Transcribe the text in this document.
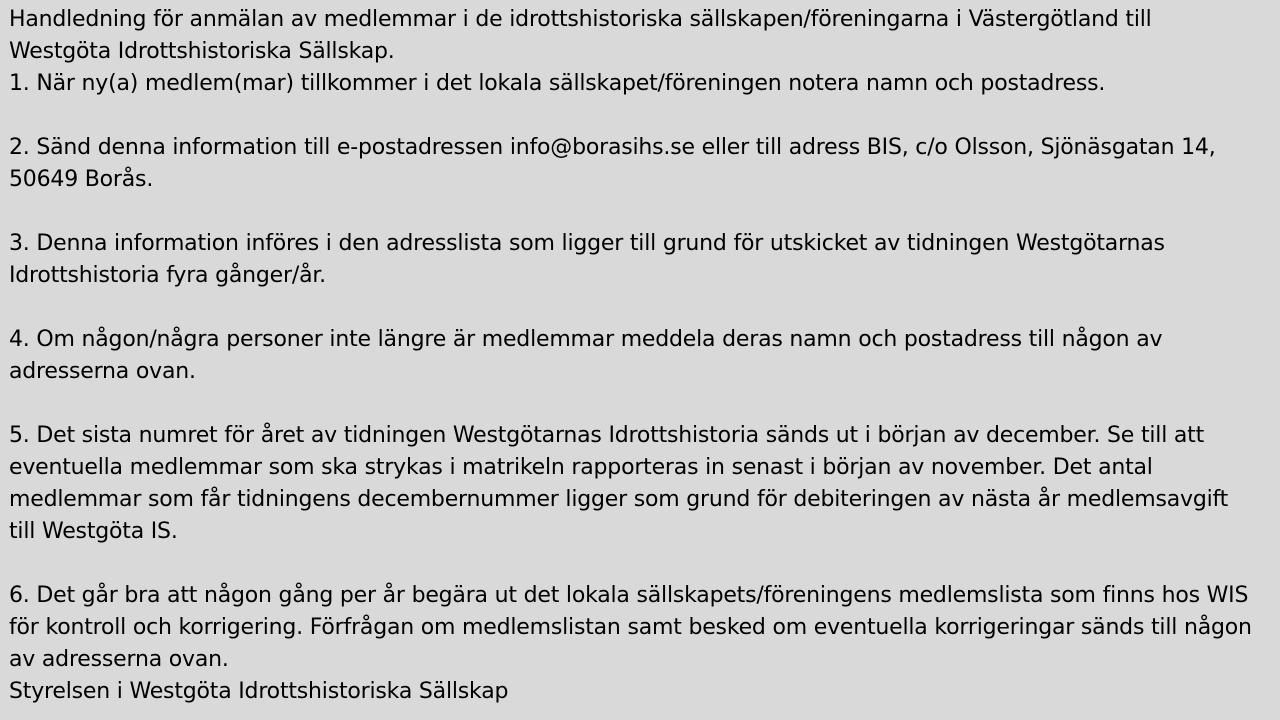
Handledning för anmälan av medlemmar i de idrottshistoriska sällskapen/föreningarna i Västergötland till Westgöta Idrottshistoriska Sällskap.

1. När ny(a) medlem(mar) tillkommer i det lokala sällskapet/föreningen notera namn och postadress.

2. Sänd denna information till e-postadressen info@borasihs.se eller till adress BIS, c/o Olsson, Sjönäsgatan 14, 50649 Borås.

3. Denna information införes i den adresslista som ligger till grund för utskicket av tidningen Westgötarnas Idrottshistoria fyra gånger/år.

4. Om någon/några personer inte längre är medlemmar meddela deras namn och postadress till någon av adresserna ovan.

5. Det sista numret för året av tidningen Westgötarnas Idrottshistoria sänds ut i början av december. Se till att eventuella medlemmar som ska strykas i matrikeln rapporteras in senast i början av november. Det antal medlemmar som får tidningens decembernummer ligger som grund för debiteringen av nästa år medlemsavgift till Westgöta IS.

6. Det går bra att någon gång per år begära ut det lokala sällskapets/föreningens medlemslista som finns hos WIS för kontroll och korrigering. Förfrågan om medlemslistan samt besked om eventuella korrigeringar sänds till någon av adresserna ovan.

Styrelsen i Westgöta Idrottshistoriska Sällskap
